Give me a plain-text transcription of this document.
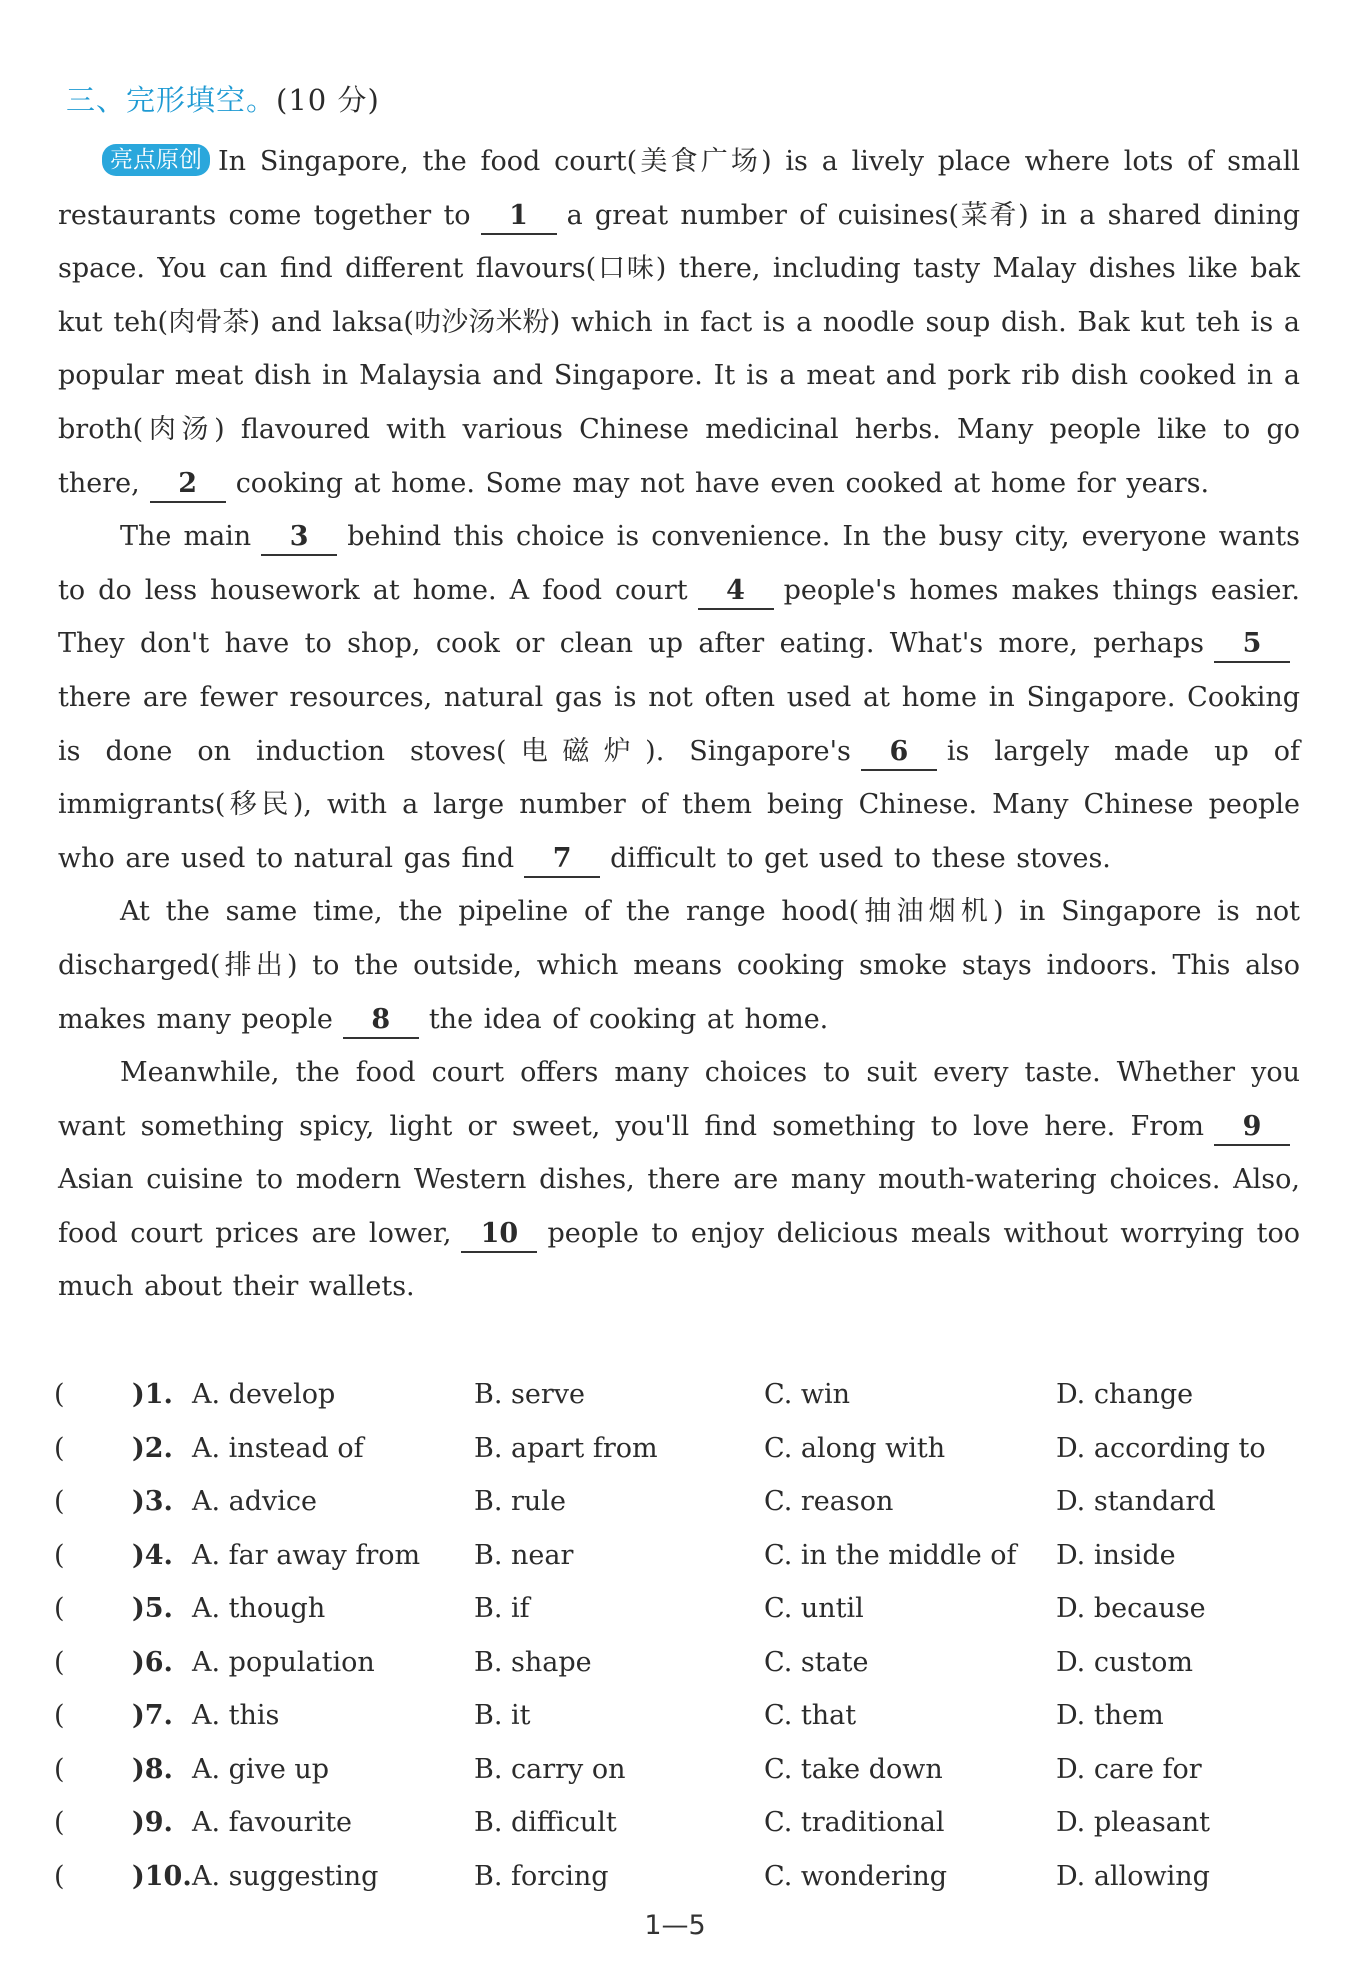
三、完形填空。(10 分)

亮点原创 In Singapore, the food court(美食广场) is a lively place where lots of small restaurants come together to 1 a great number of cuisines(菜肴) in a shared dining space. You can find different flavours(口味) there, including tasty Malay dishes like bak kut teh(肉骨茶) and laksa(叻沙汤米粉) which in fact is a noodle soup dish. Bak kut teh is a popular meat dish in Malaysia and Singapore. It is a meat and pork rib dish cooked in a broth(肉汤) flavoured with various Chinese medicinal herbs. Many people like to go there, 2 cooking at home. Some may not have even cooked at home for years.

The main 3 behind this choice is convenience. In the busy city, everyone wants to do less housework at home. A food court 4 people's homes makes things easier. They don't have to shop, cook or clean up after eating. What's more, perhaps 5there are fewer resources, natural gas is not often used at home in Singapore. Cooking is done on induction stoves(电磁炉). Singapore's 6 is largely made up of immigrants(移民), with a large number of them being Chinese. Many Chinese people who are used to natural gas find 7 difficult to get used to these stoves.

At the same time, the pipeline of the range hood(抽油烟机) in Singapore is not discharged(排出) to the outside, which means cooking smoke stays indoors. This also makes many people 8 the idea of cooking at home.

Meanwhile, the food court offers many choices to suit every taste. Whether you want something spicy, light or sweet, you'll find something to love here. From 9Asian cuisine to modern Western dishes, there are many mouth-watering choices. Also, food court prices are lower, 10 people to enjoy delicious meals without worrying too much about their wallets.

( )1. A. develop	B. serve	C. win	D. change
( )2. A. instead of	B. apart from	C. along with	D. according to
( )3. A. advice	B. rule	C. reason	D. standard
( )4. A. far away from B. near	C. in the middle of D. inside
( )5. A. though	B. if	C. until	D. because
( )6. A. population	B. shape	C. state	D. custom
( )7. A. this	B. it	C. that	D. them
( )8. A. give up	B. carry on	C. take down	D. care for
( )9. A. favourite	B. difficult	C. traditional	D. pleasant
( )10. A. suggesting	B. forcing	C. wondering	D. allowing
1—5
